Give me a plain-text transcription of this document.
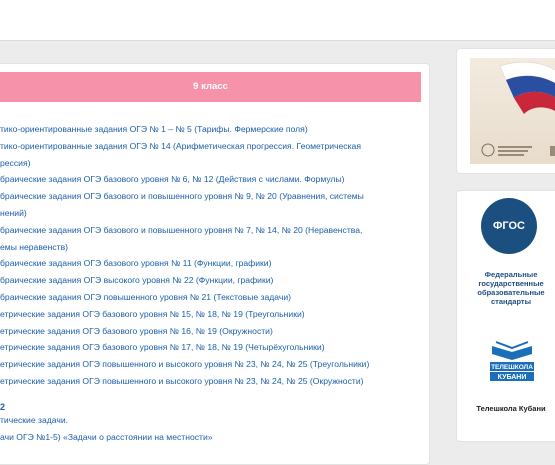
9 класс
тико-ориентированные задания ОГЭ № 1 – № 5 (Тарифы. Фермерские поля)
тико-ориентированные задания ОГЭ № 14 (Арифметическая прогрессия. Геометрическая
рессия)
браические задания ОГЭ базового уровня № 6, № 12 (Действия с числами. Формулы)
браические задания ОГЭ базового и повышенного уровня № 9, № 20 (Уравнения, системы
нений)
браические задания ОГЭ базового и повышенного уровня № 7, № 14, № 20 (Неравенства,
емы неравенств)
браические задания ОГЭ базового уровня № 11 (Функции, графики)
браические задания ОГЭ высокого уровня № 22 (Функции, графики)
браические задания ОГЭ повышенного уровня № 21 (Текстовые задачи)
етрические задания ОГЭ базового уровня № 15, № 18, № 19 (Треугольники)
етрические задания ОГЭ базового уровня № 16, № 19 (Окружности)
етрические задания ОГЭ базового уровня № 17, № 18, № 19 (Четырёхугольники)
етрические задания ОГЭ повышенного и высокого уровня № 23, № 24, № 25 (Треугольники)
етрические задания ОГЭ повышенного и высокого уровня № 23, № 24, № 25 (Окружности)
2
тические задачи.
ачи ОГЭ №1-5) «Задачи о расстоянии на местности»
ФГОС
Федеральные государственные образовательные стандарты
ТЕЛЕШКОЛА
КУБАНИ
Телешкола Кубани
